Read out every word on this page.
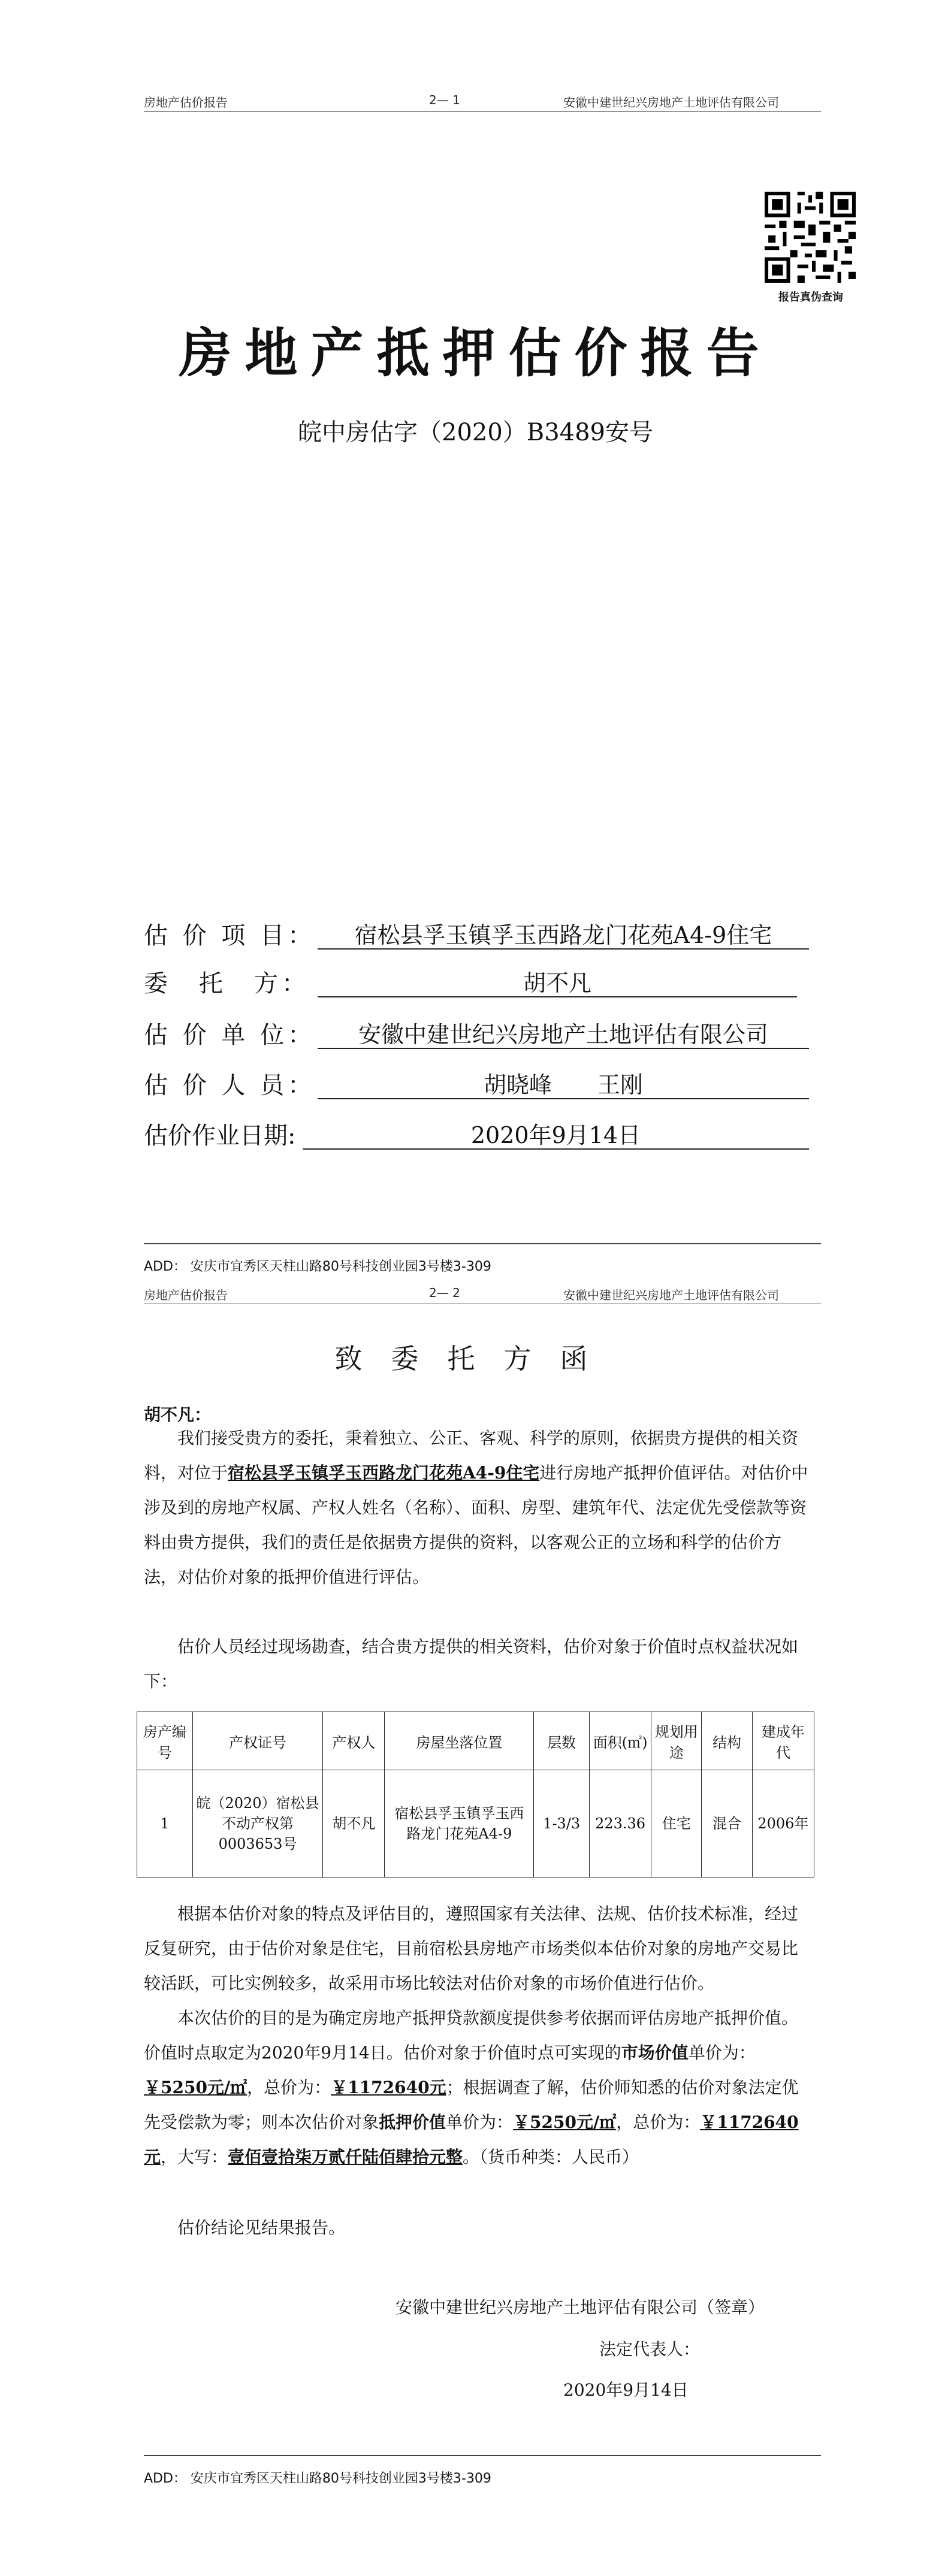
房地产估价报告	2— 1	安徽中建世纪兴房地产土地评估有限公司
报告真伪查询
房地产抵押估价报告
皖中房估字（2020）B3489安号
估 价 项 目：	宿松县孚玉镇孚玉西路龙门花苑A4-9住宅
委　托　方：	胡不凡
估 价 单 位：	安徽中建世纪兴房地产土地评估有限公司
估 价 人 员：	胡晓峰　　王刚
估价作业日期:	2020年9月14日
ADD： 安庆市宜秀区天柱山路80号科技创业园3号楼3-309
房地产估价报告	2— 2	安徽中建世纪兴房地产土地评估有限公司
致委托方函
胡不凡：
我们接受贵方的委托，秉着独立、公正、客观、科学的原则，依据贵方提供的相关资料，对位于宿松县孚玉镇孚玉西路龙门花苑A4-9住宅进行房地产抵押价值评估。对估价中涉及到的房地产权属、产权人姓名（名称）、面积、房型、建筑年代、法定优先受偿款等资料由贵方提供，我们的责任是依据贵方提供的资料，以客观公正的立场和科学的估价方法，对估价对象的抵押价值进行评估。
估价人员经过现场勘查，结合贵方提供的相关资料，估价对象于价值时点权益状况如下：
房产编号	产权证号	产权人	房屋坐落位置	层数	面积(㎡)	规划用途	结构	建成年代
1	皖（2020）宿松县不动产权第0003653号	胡不凡	宿松县孚玉镇孚玉西路龙门花苑A4-9	1-3/3	223.36	住宅	混合	2006年
根据本估价对象的特点及评估目的，遵照国家有关法律、法规、估价技术标准，经过反复研究，由于估价对象是住宅，目前宿松县房地产市场类似本估价对象的房地产交易比较活跃，可比实例较多，故采用市场比较法对估价对象的市场价值进行估价。
本次估价的目的是为确定房地产抵押贷款额度提供参考依据而评估房地产抵押价值。价值时点取定为2020年9月14日。估价对象于价值时点可实现的市场价值单价为：￥5250元/㎡，总价为：￥1172640元；根据调查了解，估价师知悉的估价对象法定优先受偿款为零；则本次估价对象抵押价值单价为：￥5250元/㎡，总价为：￥1172640元，大写：壹佰壹拾柒万贰仟陆佰肆拾元整。（货币种类：人民币）
估价结论见结果报告。
安徽中建世纪兴房地产土地评估有限公司（签章）
法定代表人：
2020年9月14日
ADD： 安庆市宜秀区天柱山路80号科技创业园3号楼3-309
